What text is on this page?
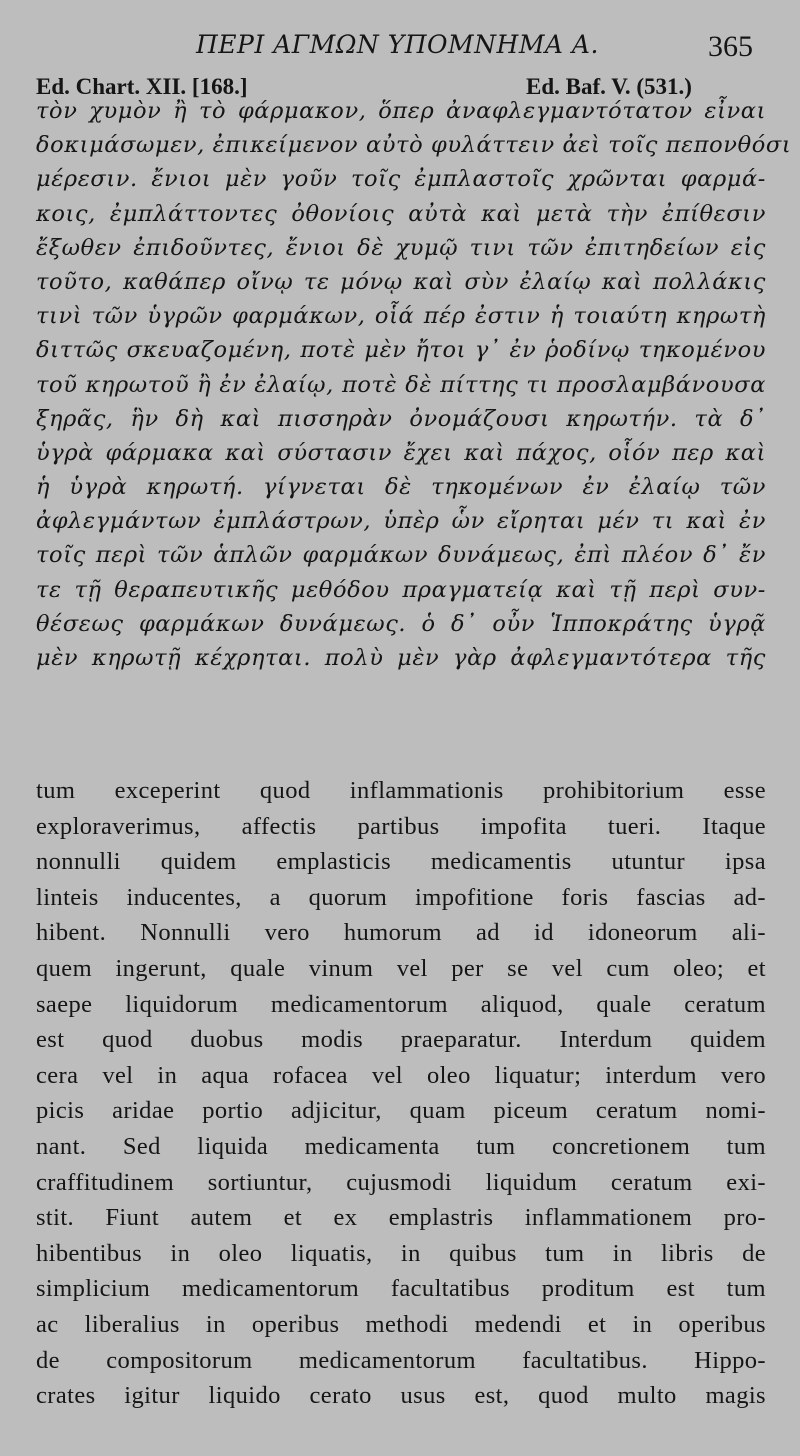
ΠΕΡΙ ΑΓΜΩΝ ΥΠΟΜΝΗΜΑ Α.	365
Ed. Chart. XII. [168.]	Ed. Baf. V. (531.)
τὸν χυμὸν ἢ τὸ φάρμακον, ὅπερ ἀναφλεγμαντότατον εἶναι
δοκιμάσωμεν, ἐπικείμενον αὐτὸ φυλάττειν ἀεὶ τοῖς πεπονθόσι
μέρεσιν. ἔνιοι μὲν γοῦν τοῖς ἐμπλαστοῖς χρῶνται φαρμά-
κοις, ἐμπλάττοντες ὀθονίοις αὐτὰ καὶ μετὰ τὴν ἐπίθεσιν
ἔξωθεν ἐπιδοῦντες, ἔνιοι δὲ χυμῷ τινι τῶν ἐπιτηδείων εἰς
τοῦτο, καθάπερ οἴνῳ τε μόνῳ καὶ σὺν ἐλαίῳ καὶ πολλάκις
τινὶ τῶν ὑγρῶν φαρμάκων, οἷά πέρ ἐστιν ἡ τοιαύτη κηρωτὴ
διττῶς σκευαζομένη, ποτὲ μὲν ἤτοι γ᾿ ἐν ῥοδίνῳ τηκομένου
τοῦ κηρωτοῦ ἢ ἐν ἐλαίῳ, ποτὲ δὲ πίττης τι προσλαμβάνουσα
ξηρᾶς, ἣν δὴ καὶ πισσηρὰν ὀνομάζουσι κηρωτήν. τὰ δ᾿
ὑγρὰ φάρμακα καὶ σύστασιν ἔχει καὶ πάχος, οἷόν περ καὶ
ἡ ὑγρὰ κηρωτή. γίγνεται δὲ τηκομένων ἐν ἐλαίῳ τῶν
ἀφλεγμάντων ἐμπλάστρων, ὑπὲρ ὧν εἴρηται μέν τι καὶ ἐν
τοῖς περὶ τῶν ἁπλῶν φαρμάκων δυνάμεως, ἐπὶ πλέον δ᾿ ἔν
τε τῇ θεραπευτικῆς μεθόδου πραγματείᾳ καὶ τῇ περὶ συν-
θέσεως φαρμάκων δυνάμεως. ὁ δ᾿ οὖν Ἱπποκράτης ὑγρᾷ
μὲν κηρωτῇ κέχρηται. πολὺ μὲν γὰρ ἀφλεγμαντότερα τῆς
tum exceperint quod inflammationis prohibitorium esse
exploraverimus, affectis partibus impofita tueri. Itaque
nonnulli quidem emplasticis medicamentis utuntur ipsa
linteis inducentes, a quorum impofitione foris fascias ad-
hibent. Nonnulli vero humorum ad id idoneorum ali-
quem ingerunt, quale vinum vel per se vel cum oleo; et
saepe liquidorum medicamentorum aliquod, quale ceratum
est quod duobus modis praeparatur. Interdum quidem
cera vel in aqua rofacea vel oleo liquatur; interdum vero
picis aridae portio adjicitur, quam piceum ceratum nomi-
nant. Sed liquida medicamenta tum concretionem tum
craffitudinem sortiuntur, cujusmodi liquidum ceratum exi-
stit. Fiunt autem et ex emplastris inflammationem pro-
hibentibus in oleo liquatis, in quibus tum in libris de
simplicium medicamentorum facultatibus proditum est tum
ac liberalius in operibus methodi medendi et in operibus
de compositorum medicamentorum facultatibus. Hippo-
crates igitur liquido cerato usus est, quod multo magis
